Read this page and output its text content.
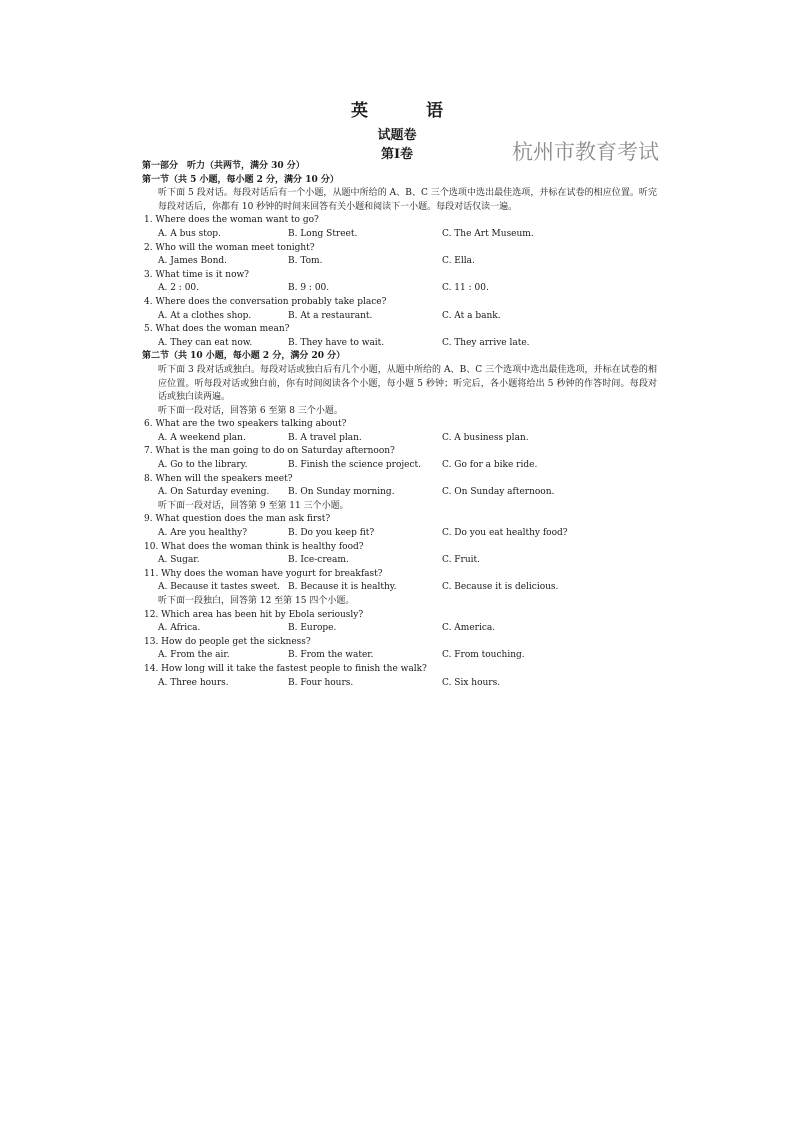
英 语
试题卷
第Ⅰ卷	杭州市教育考试
第一部分　听力（共两节，满分 30 分）
第一节（共 5 小题，每小题 2 分，满分 10 分）
听下面 5 段对话。每段对话后有一个小题，从题中所给的 A、B、C 三个选项中选出最佳选项，并标在试卷的相应位置。听完每段对话后，你都有 10 秒钟的时间来回答有关小题和阅读下一小题。每段对话仅读一遍。
1. Where does the woman want to go?
A. A bus stop.	B. Long Street.	C. The Art Museum.
2. Who will the woman meet tonight?
A. James Bond.	B. Tom.	C. Ella.
3. What time is it now?
A. 2 : 00.	B. 9 : 00.	C. 11 : 00.
4. Where does the conversation probably take place?
A. At a clothes shop.	B. At a restaurant.	C. At a bank.
5. What does the woman mean?
A. They can eat now.	B. They have to wait.	C. They arrive late.
第二节（共 10 小题，每小题 2 分，满分 20 分）
听下面 3 段对话或独白。每段对话或独白后有几个小题，从题中所给的 A、B、C 三个选项中选出最佳选项，并标在试卷的相应位置。听每段对话或独白前，你有时间阅读各个小题，每小题 5 秒钟；听完后，各小题将给出 5 秒钟的作答时间。每段对话或独白读两遍。
听下面一段对话，回答第 6 至第 8 三个小题。
6. What are the two speakers talking about?
A. A weekend plan.	B. A travel plan.	C. A business plan.
7. What is the man going to do on Saturday afternoon?
A. Go to the library.	B. Finish the science project. C. Go for a bike ride.
8. When will the speakers meet?
A. On Saturday evening. B. On Sunday morning.	C. On Sunday afternoon.
听下面一段对话，回答第 9 至第 11 三个小题。
9. What question does the man ask first?
A. Are you healthy?	B. Do you keep fit?	C. Do you eat healthy food?
10. What does the woman think is healthy food?
A. Sugar.	B. Ice-cream.	C. Fruit.
11. Why does the woman have yogurt for breakfast?
A. Because it tastes sweet. B. Because it is healthy.	C. Because it is delicious.
听下面一段独白，回答第 12 至第 15 四个小题。
12. Which area has been hit by Ebola seriously?
A. Africa.	B. Europe.	C. America.
13. How do people get the sickness?
A. From the air.	B. From the water.	C. From touching.
14. How long will it take the fastest people to finish the walk?
A. Three hours.	B. Four hours.	C. Six hours.
